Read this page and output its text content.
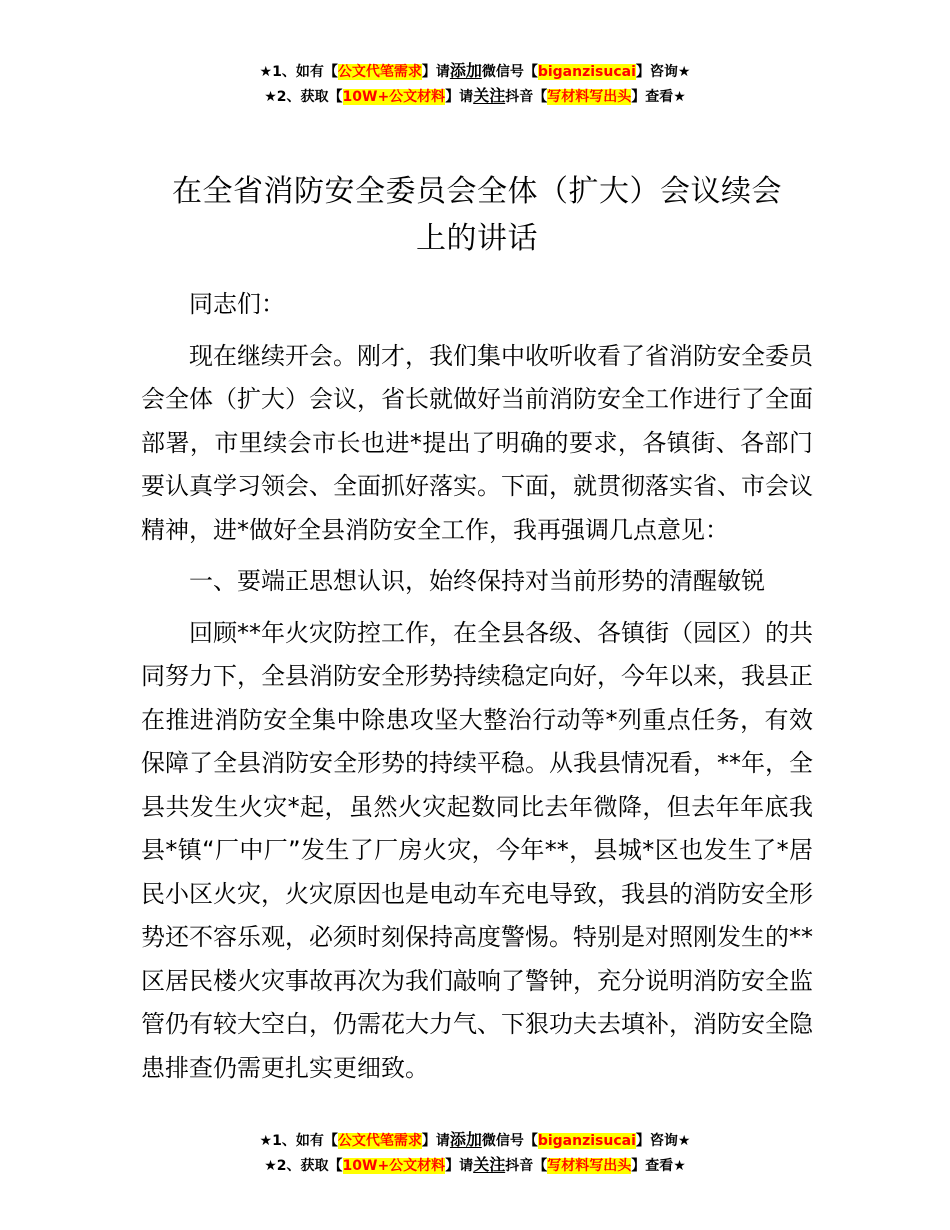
★1、如有【公文代笔需求】请添加微信号【biganzisucai】咨询★
★2、获取【10W+公文材料】请关注抖音【写材料写出头】查看★
在全省消防安全委员会全体（扩大）会议续会
上的讲话

同志们：

现在继续开会。刚才，我们集中收听收看了省消防安全委员会全体（扩大）会议，省长就做好当前消防安全工作进行了全面部署，市里续会市长也进*提出了明确的要求，各镇街、各部门要认真学习领会、全面抓好落实。下面，就贯彻落实省、市会议精神，进*做好全县消防安全工作，我再强调几点意见：

一、要端正思想认识，始终保持对当前形势的清醒敏锐

回顾**年火灾防控工作，在全县各级、各镇街（园区）的共同努力下，全县消防安全形势持续稳定向好，今年以来，我县正在推进消防安全集中除患攻坚大整治行动等*列重点任务，有效保障了全县消防安全形势的持续平稳。从我县情况看，**年，全县共发生火灾*起，虽然火灾起数同比去年微降，但去年年底我县*镇“厂中厂”发生了厂房火灾，今年**，县城*区也发生了*居民小区火灾，火灾原因也是电动车充电导致，我县的消防安全形势还不容乐观，必须时刻保持高度警惕。特别是对照刚发生的**区居民楼火灾事故再次为我们敲响了警钟，充分说明消防安全监管仍有较大空白，仍需花大力气、下狠功夫去填补，消防安全隐患排查仍需更扎实更细致。

★1、如有【公文代笔需求】请添加微信号【biganzisucai】咨询★
★2、获取【10W+公文材料】请关注抖音【写材料写出头】查看★
